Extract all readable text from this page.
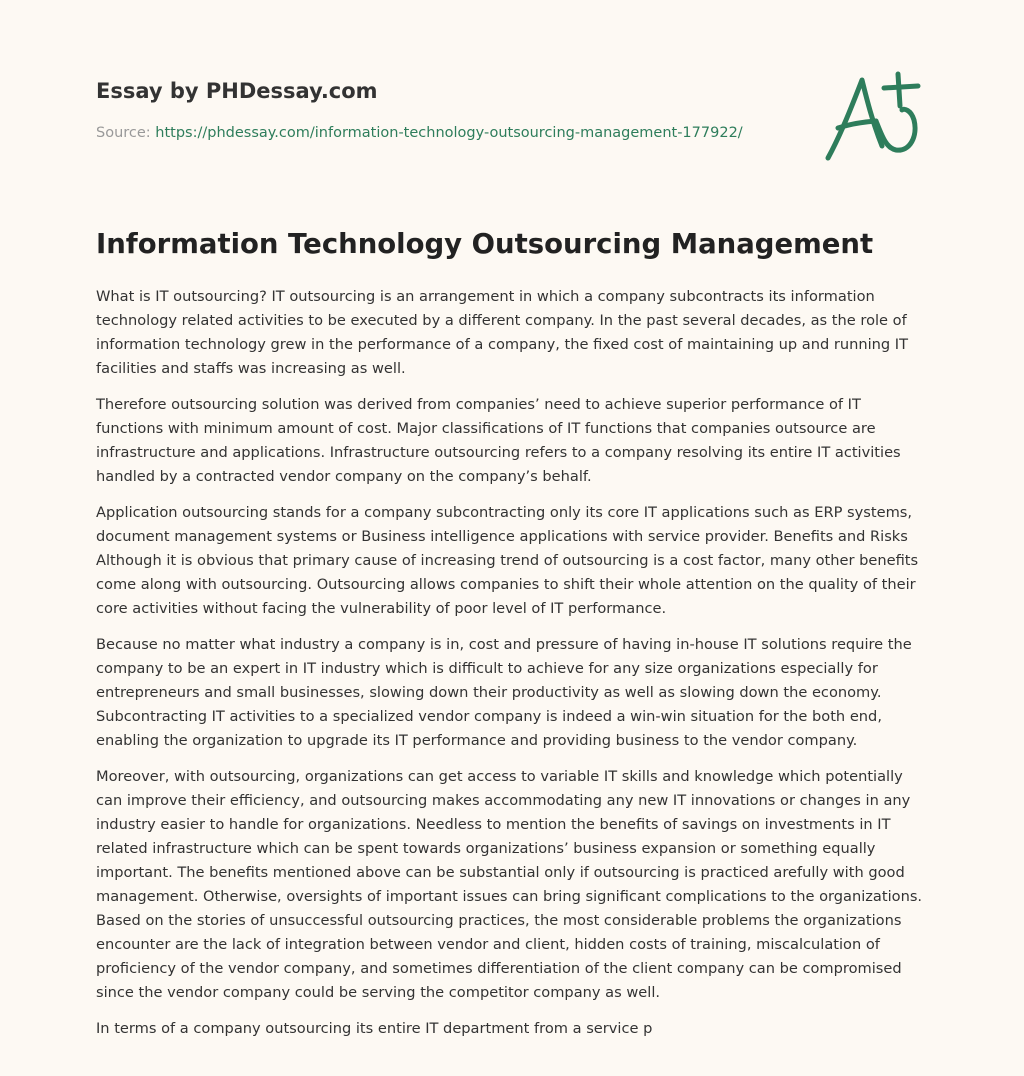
Essay by PHDessay.com
Source: https://phdessay.com/information-technology-outsourcing-management-177922/
Information Technology Outsourcing Management

What is IT outsourcing? IT outsourcing is an arrangement in which a company subcontracts its information technology related activities to be executed by a different company. In the past several decades, as the role of information technology grew in the performance of a company, the fixed cost of maintaining up and running IT facilities and staffs was increasing as well.

Therefore outsourcing solution was derived from companies’ need to achieve superior performance of IT functions with minimum amount of cost. Major classifications of IT functions that companies outsource are infrastructure and applications. Infrastructure outsourcing refers to a company resolving its entire IT activities handled by a contracted vendor company on the company’s behalf.

Application outsourcing stands for a company subcontracting only its core IT applications such as ERP systems, document management systems or Business intelligence applications with service provider. Benefits and Risks Although it is obvious that primary cause of increasing trend of outsourcing is a cost factor, many other benefits come along with outsourcing. Outsourcing allows companies to shift their whole attention on the quality of their core activities without facing the vulnerability of poor level of IT performance.

Because no matter what industry a company is in, cost and pressure of having in-house IT solutions require the company to be an expert in IT industry which is difficult to achieve for any size organizations especially for entrepreneurs and small businesses, slowing down their productivity as well as slowing down the economy. Subcontracting IT activities to a specialized vendor company is indeed a win-win situation for the both end, enabling the organization to upgrade its IT performance and providing business to the vendor company.

Moreover, with outsourcing, organizations can get access to variable IT skills and knowledge which potentially can improve their efficiency, and outsourcing makes accommodating any new IT innovations or changes in any industry easier to handle for organizations. Needless to mention the benefits of savings on investments in IT related infrastructure which can be spent towards organizations’ business expansion or something equally important. The benefits mentioned above can be substantial only if outsourcing is practiced arefully with good management. Otherwise, oversights of important issues can bring significant complications to the organizations. Based on the stories of unsuccessful outsourcing practices, the most considerable problems the organizations encounter are the lack of integration between vendor and client, hidden costs of training, miscalculation of proficiency of the vendor company, and sometimes differentiation of the client company can be compromised since the vendor company could be serving the competitor company as well.

In terms of a company outsourcing its entire IT department from a service p
